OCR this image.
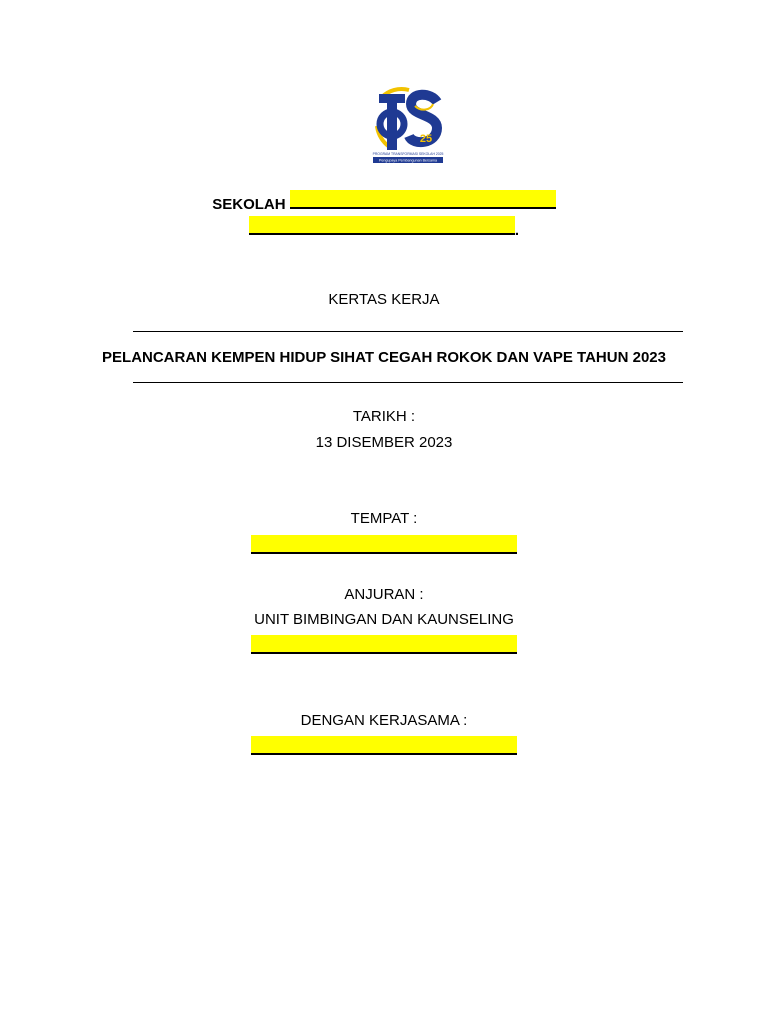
25
PROGRAM TRANSFORMASI SEKOLAH 2025
Pengupaya Pembangunan Bersama
SEKOLAH
.
KERTAS KERJA
PELANCARAN KEMPEN HIDUP SIHAT CEGAH ROKOK DAN VAPE TAHUN 2023
TARIKH :
13 DISEMBER 2023
TEMPAT :
ANJURAN :
UNIT BIMBINGAN DAN KAUNSELING
DENGAN KERJASAMA :
